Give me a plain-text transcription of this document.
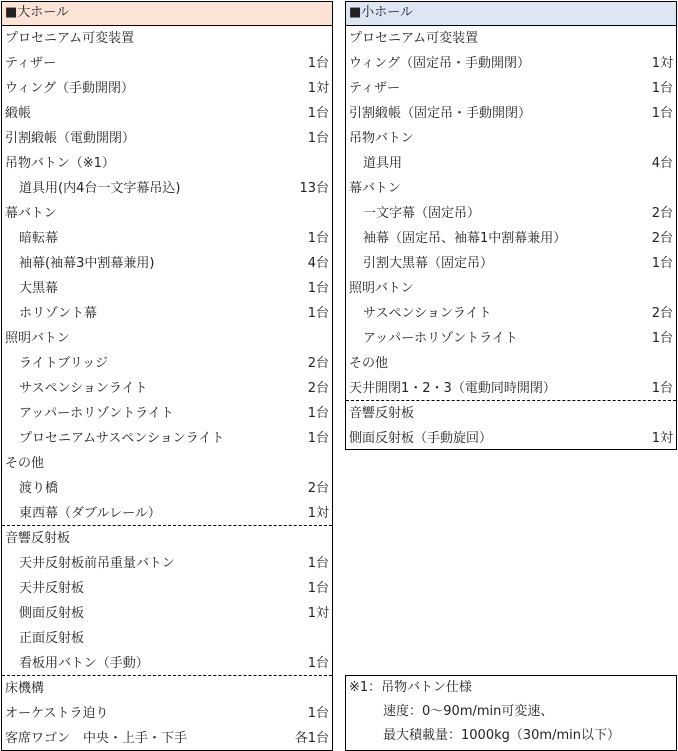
■大ホール
プロセニアム可変装置
ティザー	1台
ウィング（手動開閉）	1対
緞帳	1台
引割緞帳（電動開閉）	1台
吊物バトン（※1）
道具用(内4台一文字幕吊込)	13台
幕バトン
暗転幕	1台
袖幕(袖幕3中割幕兼用)	4台
大黒幕	1台
ホリゾント幕	1台
照明バトン
ライトブリッジ	2台
サスペンションライト	2台
アッパーホリゾントライト	1台
プロセニアムサスペンションライト	1台
その他
渡り橋	2台
東西幕（ダブルレール）	1対
音響反射板
天井反射板前吊重量バトン	1台
天井反射板	1台
側面反射板	1対
正面反射板
看板用バトン（手動）	1台
床機構
オーケストラ迫り	1台
客席ワゴン　中央・上手・下手	各1台
■小ホール
プロセニアム可変装置
ウィング（固定吊・手動開閉）	1対
ティザー	1台
引割緞帳（固定吊・手動開閉）	1台
吊物バトン
道具用	4台
幕バトン
一文字幕（固定吊）	2台
袖幕（固定吊、袖幕1中割幕兼用）	2台
引割大黒幕（固定吊）	1台
照明バトン
サスペンションライト	2台
アッパーホリゾントライト	1台
その他
天井開閉1・2・3（電動同時開閉）	1台
音響反射板
側面反射板（手動旋回）	1対
※1：吊物バトン仕様
速度：0～90m/min可変速、
最大積載量：1000kg（30m/min以下）
